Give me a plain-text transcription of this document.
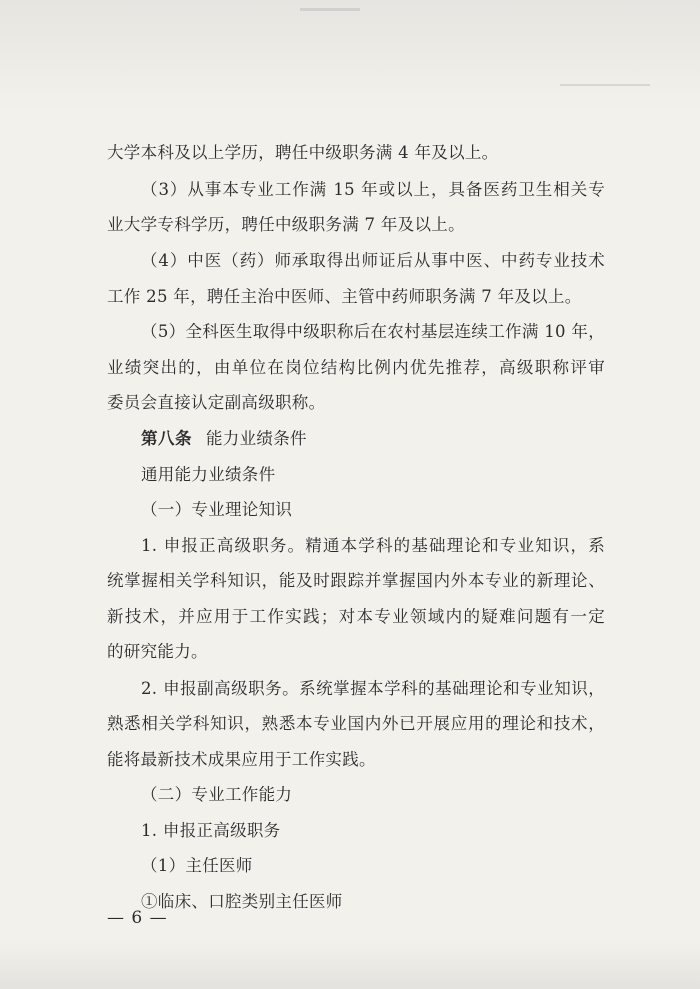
大学本科及以上学历，聘任中级职务满 4 年及以上。
（3）从事本专业工作满 15 年或以上，具备医药卫生相关专
业大学专科学历，聘任中级职务满 7 年及以上。
（4）中医（药）师承取得出师证后从事中医、中药专业技术
工作 25 年，聘任主治中医师、主管中药师职务满 7 年及以上。
（5）全科医生取得中级职称后在农村基层连续工作满 10 年，
业绩突出的，由单位在岗位结构比例内优先推荐，高级职称评审
委员会直接认定副高级职称。
第八条 能力业绩条件
通用能力业绩条件
（一）专业理论知识
1. 申报正高级职务。精通本学科的基础理论和专业知识，系
统掌握相关学科知识，能及时跟踪并掌握国内外本专业的新理论、
新技术，并应用于工作实践；对本专业领域内的疑难问题有一定
的研究能力。
2. 申报副高级职务。系统掌握本学科的基础理论和专业知识，
熟悉相关学科知识，熟悉本专业国内外已开展应用的理论和技术，
能将最新技术成果应用于工作实践。
（二）专业工作能力
1. 申报正高级职务
（1）主任医师
①临床、口腔类别主任医师
— 6 —
